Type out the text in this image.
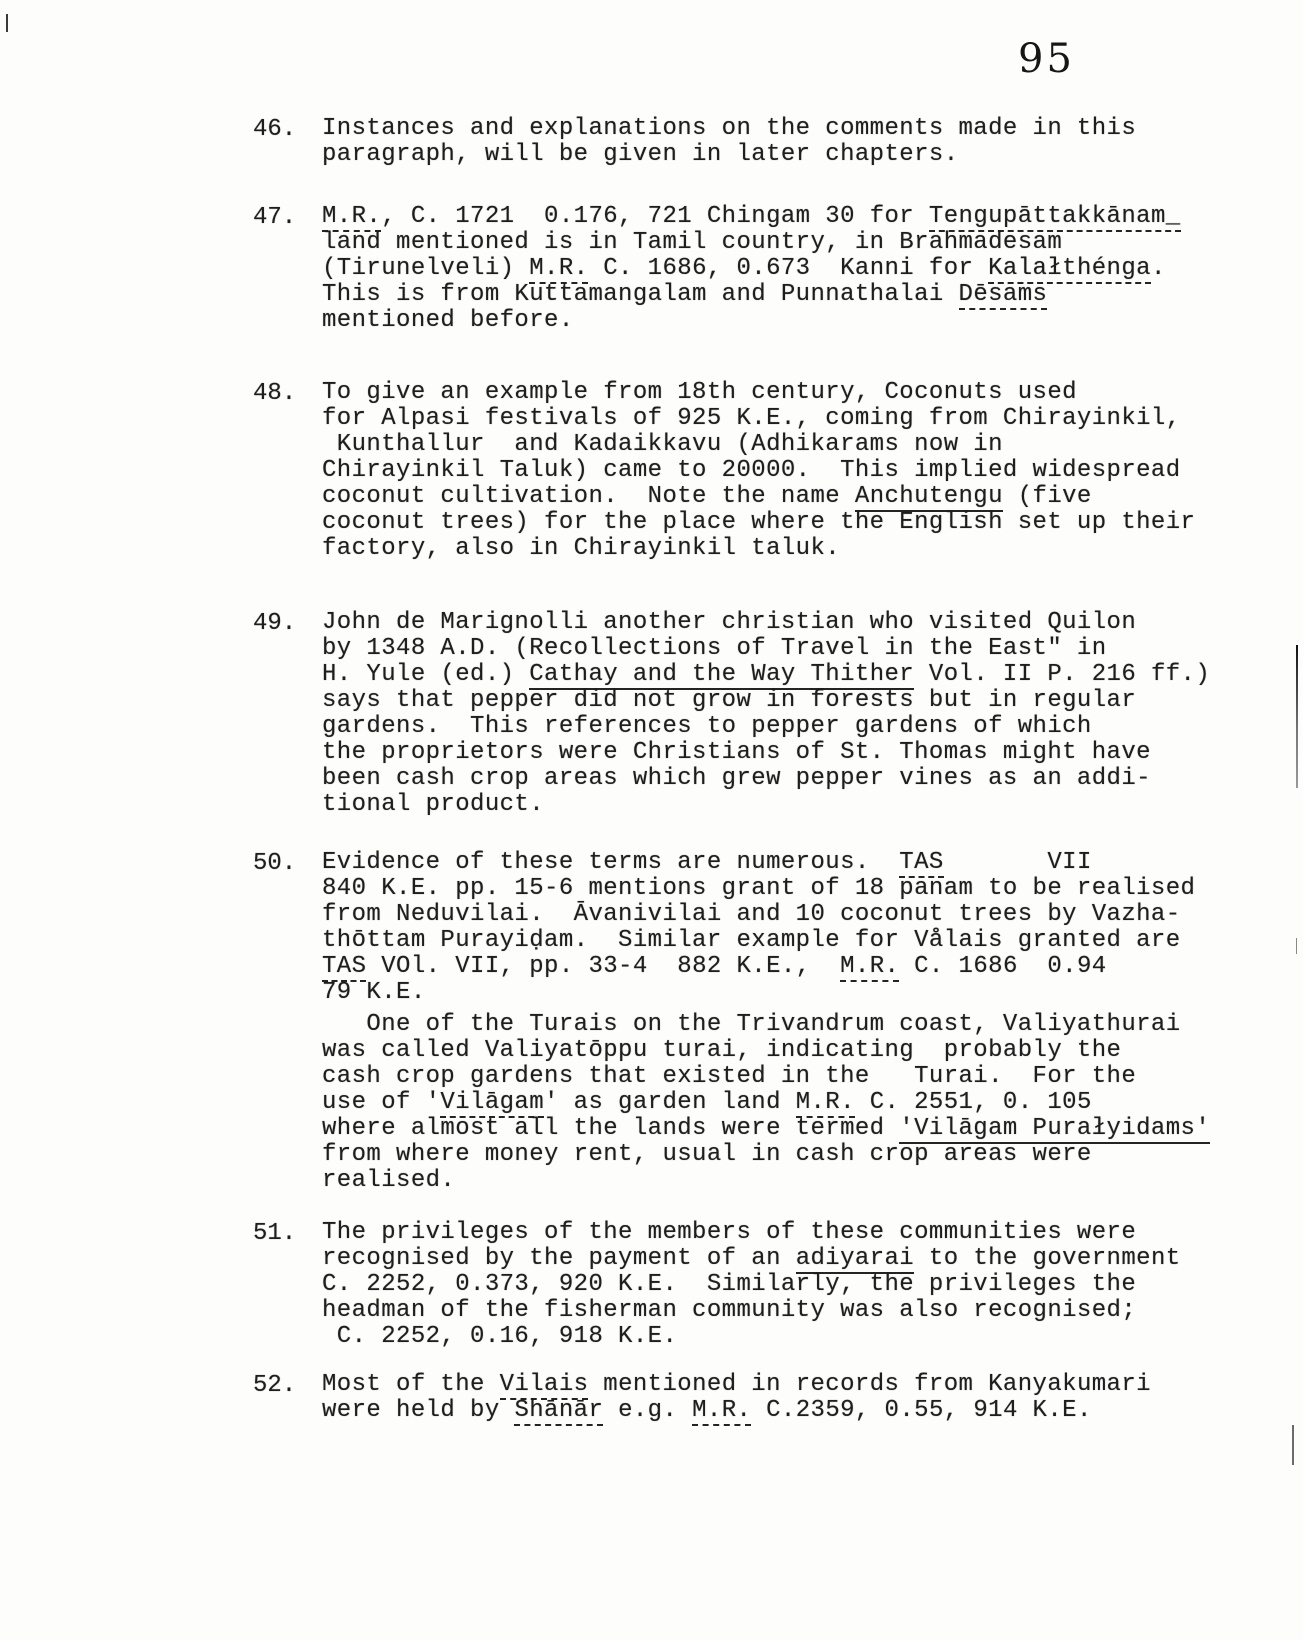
95
46. Instances and explanations on the comments made in this
paragraph, will be given in later chapters.
47. M.R., C. 1721  0.176, 721 Chingam 30 for Tengupāttakkānam_
land mentioned is in Tamil country, in Brahmadesam
(Tirunelveli) M.R. C. 1686, 0.673  Kanni for Kalałthénga.
This is from Kuttamangalam and Punnathalai Dēsams
mentioned before.
48. To give an example from 18th century, Coconuts used
for Alpasi festivals of 925 K.E., coming from Chirayinkil,
Kunthallur  and Kadaikkavu (Adhikarams now in
Chirayinkil Taluk) came to 20000.  This implied widespread
coconut cultivation.  Note the name Anchutengu (five
coconut trees) for the place where the English set up their
factory, also in Chirayinkil taluk.
49. John de Marignolli another christian who visited Quilon
by 1348 A.D. (Recollections of Travel in the East" in
H. Yule (ed.) Cathay and the Way Thither Vol. II P. 216 ff.)
says that pepper did not grow in forests but in regular
gardens.  This references to pepper gardens of which
the proprietors were Christians of St. Thomas might have
been cash crop areas which grew pepper vines as an addi-
tional product.
50. Evidence of these terms are numerous.  TAS       VII
840 K.E. pp. 15-6 mentions grant of 18 panam to be realised
from Neduvilai.  Āvanivilai and 10 coconut trees by Vazha-
thōttam Purayiḍam.  Similar example for Vålais granted are
TAS VOl. VII, pp. 33-4  882 K.E.,  M.R. C. 1686  0.94
79 K.E.
One of the Turais on the Trivandrum coast, Valiyathurai
was called Valiyatōppu turai, indicating  probably the
cash crop gardens that existed in the   Turai.  For the
use of 'Vilāgam' as garden land M.R. C. 2551, 0. 105
where almost all the lands were termed 'Vilāgam Purałyidams'
from where money rent, usual in cash crop areas were
realised.
51. The privileges of the members of these communities were
recognised by the payment of an adiyarai to the government
C. 2252, 0.373, 920 K.E.  Similarly, the privileges the
headman of the fisherman community was also recognised;
C. 2252, 0.16, 918 K.E.
52. Most of the Vilais mentioned in records from Kanyakumari
were held by Shānār e.g. M.R. C.2359, 0.55, 914 K.E.
